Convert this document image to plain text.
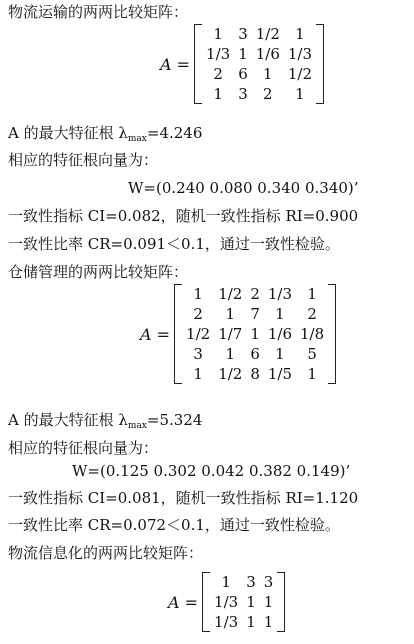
物流运输的两两比较矩阵：
A =
1	3	1/2	1
1/3	1	1/6	1/3
2	6	1	1/2
1	3	2	1
A 的最大特征根 $\lambda_{max}=4.246$
相应的特征根向量为：
W=(0.240 0.080 0.340 0.340)’
一致性指标 CI=0.082，随机一致性指标 RI=0.900
一致性比率 CR=0.091＜0.1，通过一致性检验。
仓储管理的两两比较矩阵：
A =
1	1/2	2	1/3	1
2	1	7	1	2
1/2	1/7	1	1/6	1/8
3	1	6	1	5
1	1/2	8	1/5	1
A 的最大特征根 $\lambda_{max}=5.324$
相应的特征根向量为：
W=(0.125 0.302 0.042 0.382 0.149)’
一致性指标 CI=0.081，随机一致性指标 RI=1.120
一致性比率 CR=0.072＜0.1，通过一致性检验。
物流信息化的两两比较矩阵：
A =
1	3	3
1/3	1	1
1/3	1	1
